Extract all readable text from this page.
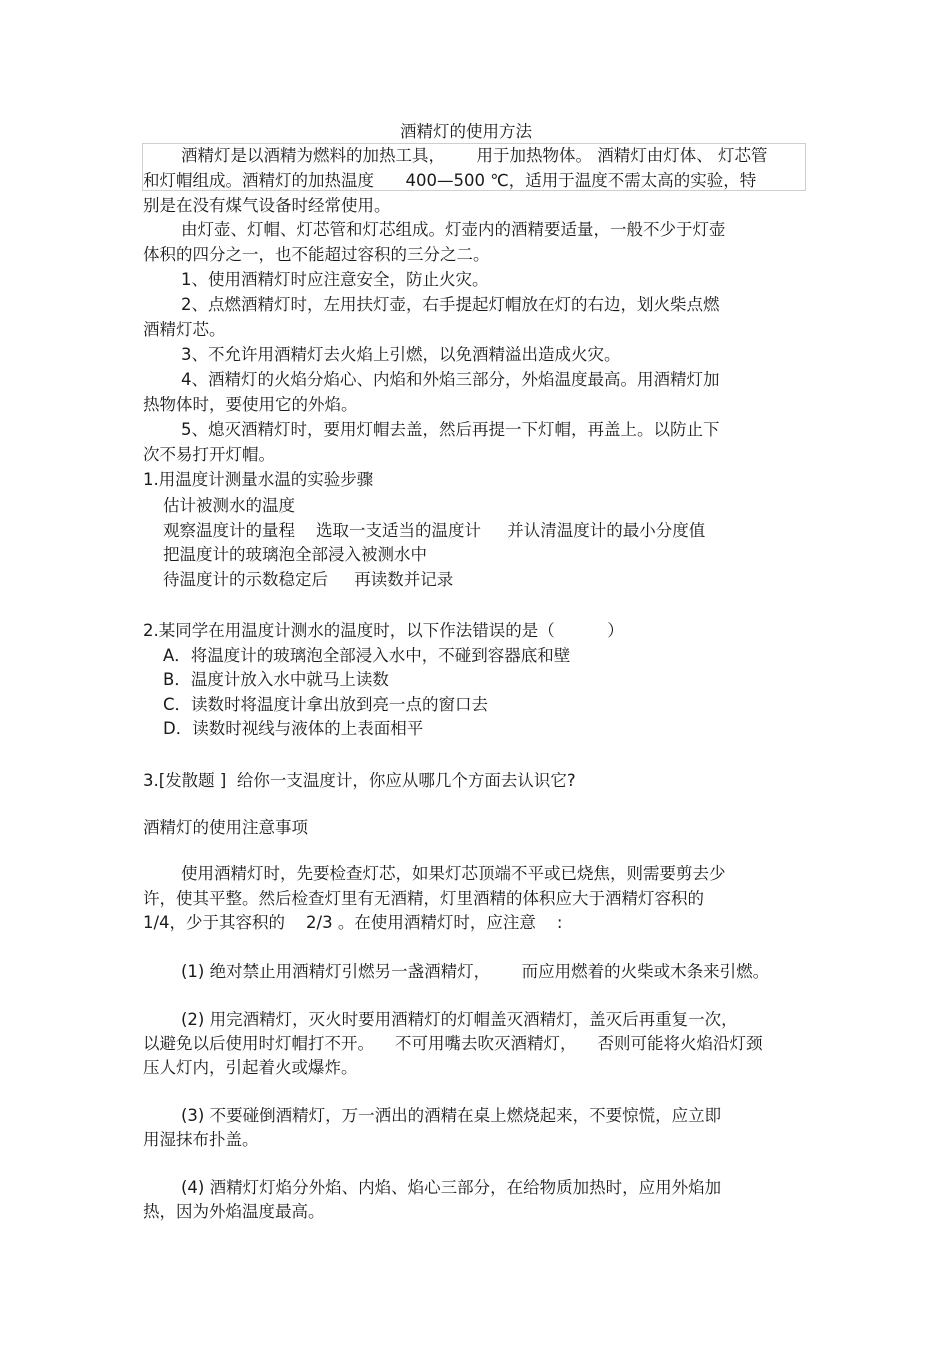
酒精灯的使用方法
酒精灯是以酒精为燃料的加热工具，      用于加热物体。 酒精灯由灯体、 灯芯管
和灯帽组成。酒精灯的加热温度      400—500 ℃，适用于温度不需太高的实验，特
别是在没有煤气设备时经常使用。
由灯壶、灯帽、灯芯管和灯芯组成。灯壶内的酒精要适量，一般不少于灯壶
体积的四分之一，也不能超过容积的三分之二。
1、使用酒精灯时应注意安全，防止火灾。
2、点燃酒精灯时，左用扶灯壶，右手提起灯帽放在灯的右边，划火柴点燃
酒精灯芯。
3、不允许用酒精灯去火焰上引燃，以免酒精溢出造成火灾。
4、酒精灯的火焰分焰心、内焰和外焰三部分，外焰温度最高。用酒精灯加
热物体时，要使用它的外焰。
5、熄灭酒精灯时，要用灯帽去盖，然后再提一下灯帽，再盖上。以防止下
次不易打开灯帽。
1.用温度计测量水温的实验步骤
估计被测水的温度
观察温度计的量程    选取一支适当的温度计     并认清温度计的最小分度值
把温度计的玻璃泡全部浸入被测水中
待温度计的示数稳定后     再读数并记录
2.某同学在用温度计测水的温度时，以下作法错误的是（          ）
A．将温度计的玻璃泡全部浸入水中，不碰到容器底和壁
B．温度计放入水中就马上读数
C．读数时将温度计拿出放到亮一点的窗口去
D．读数时视线与液体的上表面相平
3.[发散题 ]  给你一支温度计，你应从哪几个方面去认识它?
酒精灯的使用注意事项
使用酒精灯时，先要检查灯芯，如果灯芯顶端不平或已烧焦，则需要剪去少
许，使其平整。然后检查灯里有无酒精，灯里酒精的体积应大于酒精灯容积的
1/4，少于其容积的    2/3 。在使用酒精灯时，应注意    :
(1) 绝对禁止用酒精灯引燃另一盏酒精灯，      而应用燃着的火柴或木条来引燃。
(2) 用完酒精灯，灭火时要用酒精灯的灯帽盖灭酒精灯，盖灭后再重复一次，
以避免以后使用时灯帽打不开。    不可用嘴去吹灭酒精灯，    否则可能将火焰沿灯颈
压人灯内，引起着火或爆炸。
(3) 不要碰倒酒精灯，万一洒出的酒精在桌上燃烧起来，不要惊慌，应立即
用湿抹布扑盖。
(4) 酒精灯灯焰分外焰、内焰、焰心三部分，在给物质加热时，应用外焰加
热，因为外焰温度最高。
